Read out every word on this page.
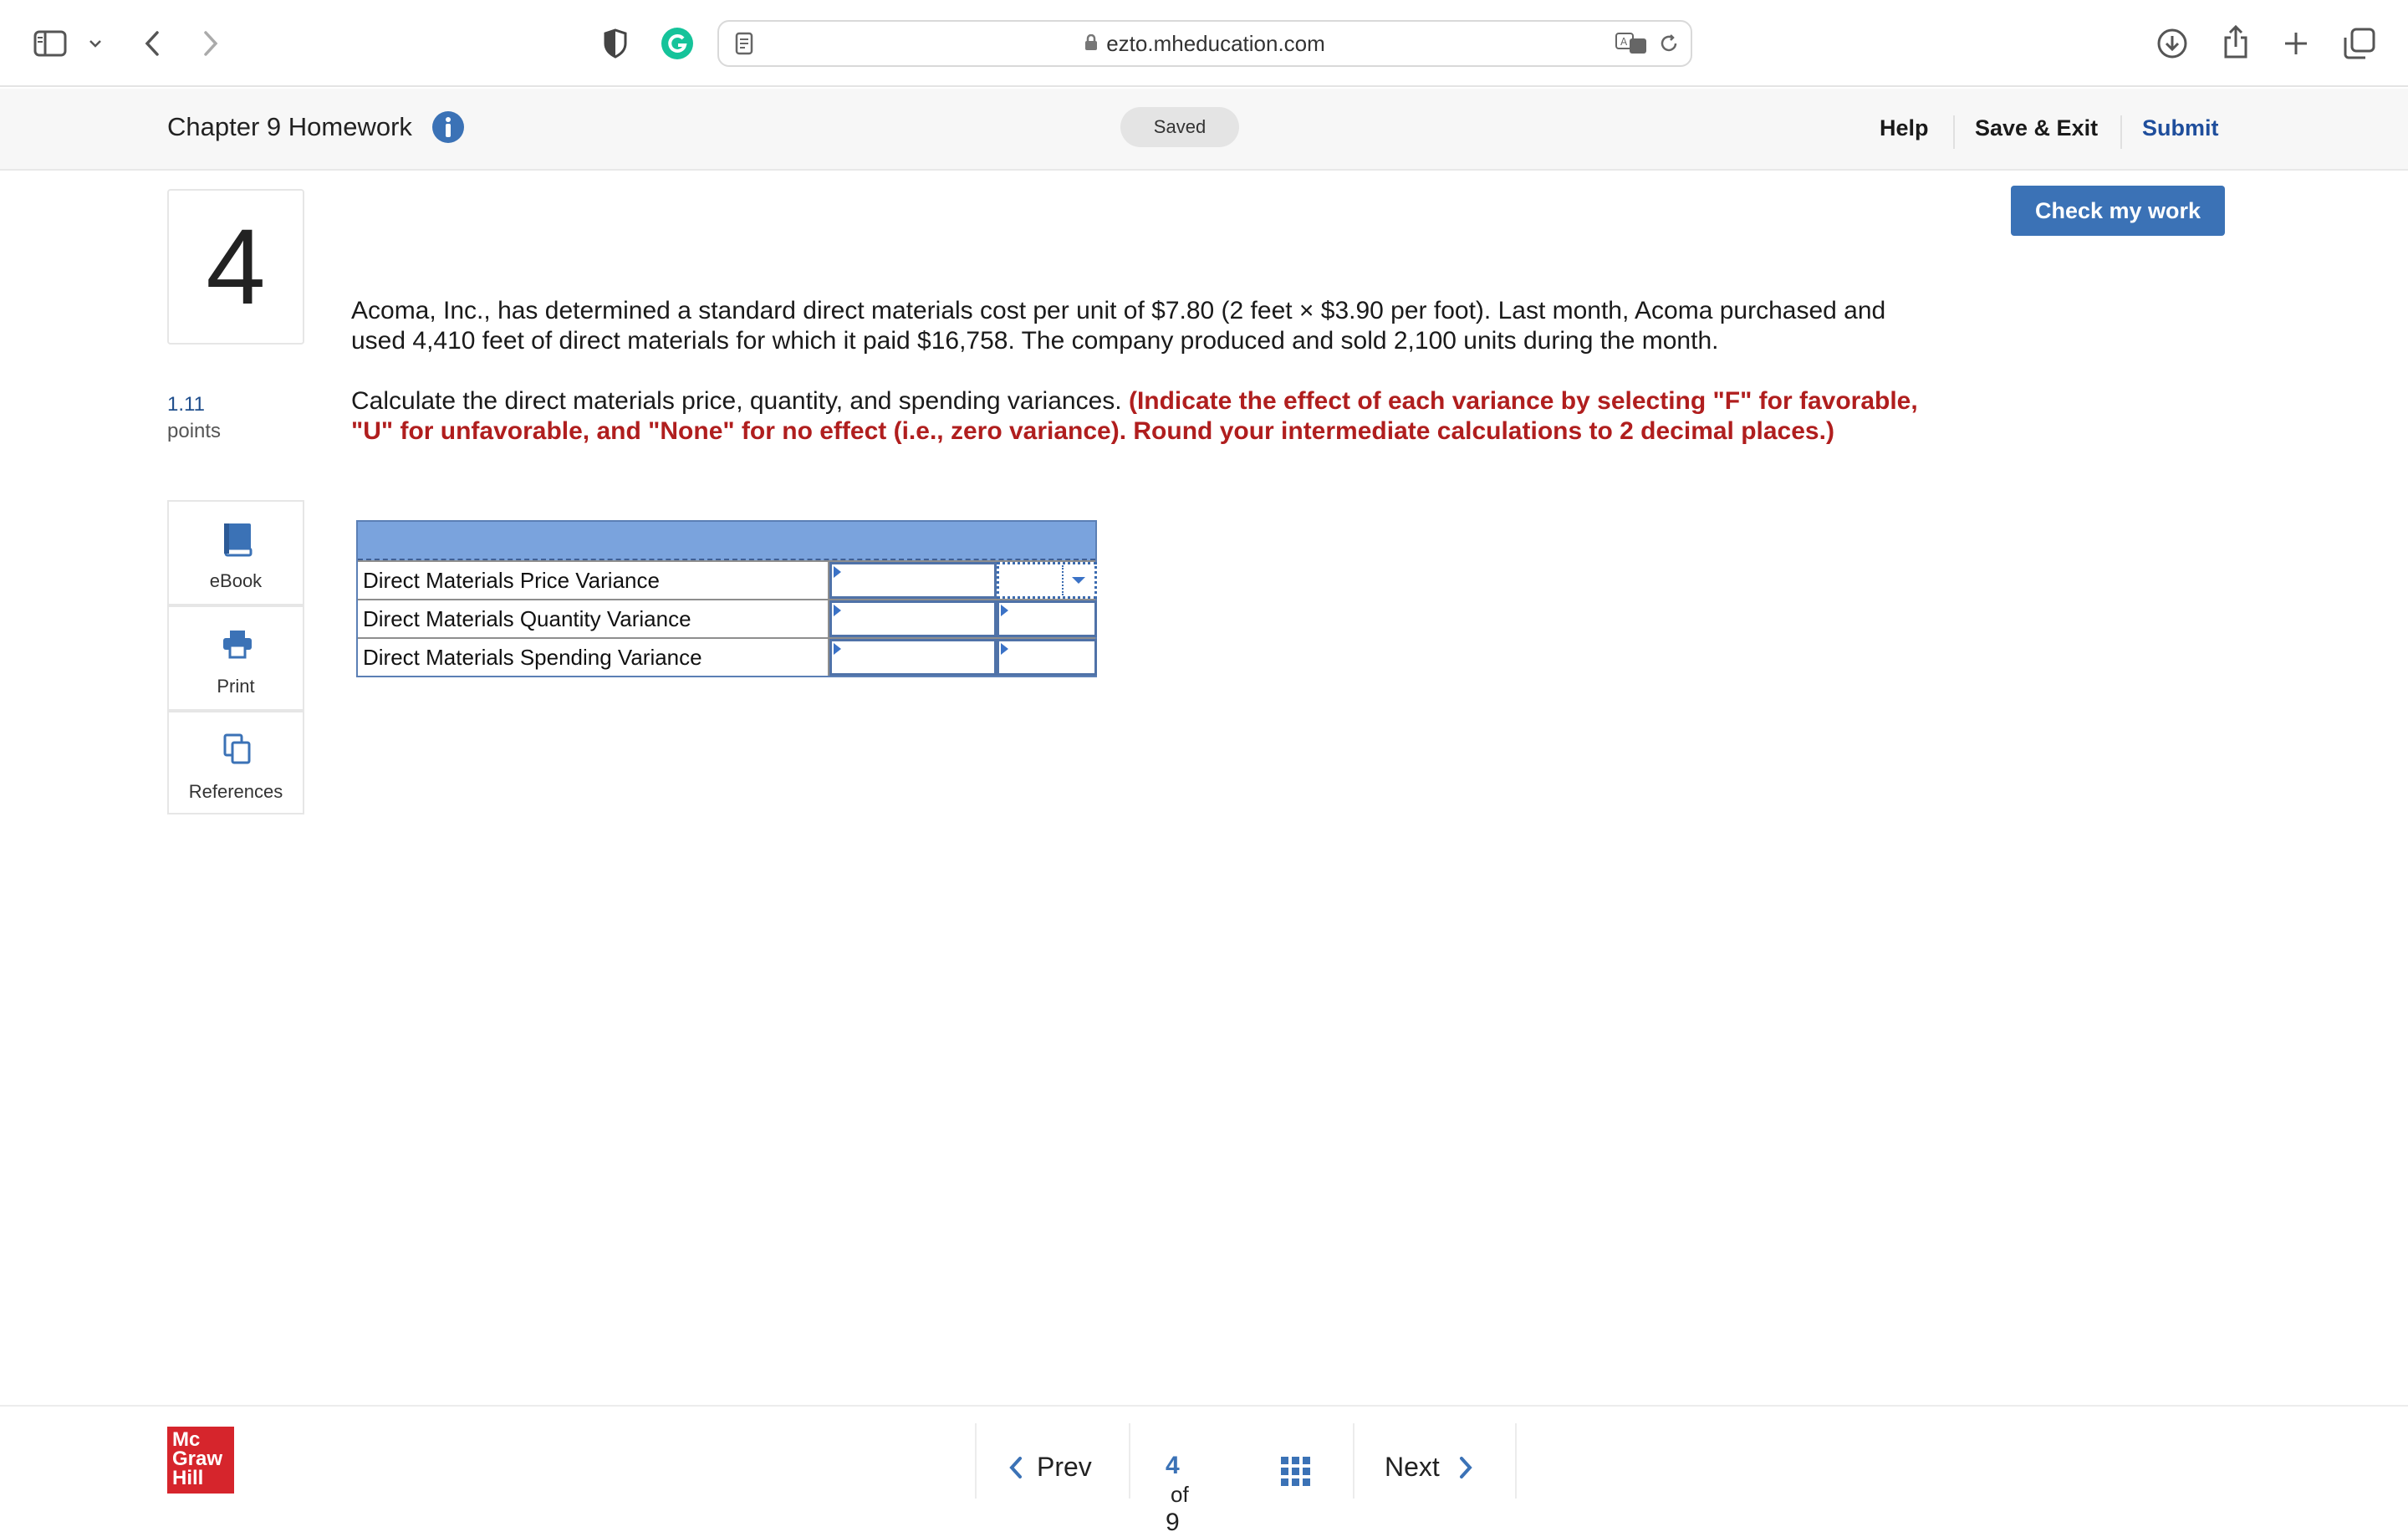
ezto.mheducation.com	A
Chapter 9 Homework	Saved	Help Save & Exit Submit
4
1.11
points
eBook
Print
References
Check my work

Acoma, Inc., has determined a standard direct materials cost per unit of $7.80 (2 feet × $3.90 per foot). Last month, Acoma purchased and used 4,410 feet of direct materials for which it paid $16,758. The company produced and sold 2,100 units during the month.

Calculate the direct materials price, quantity, and spending variances. (Indicate the effect of each variance by selecting "F" for favorable, "U" for unfavorable, and "None" for no effect (i.e., zero variance). Round your intermediate calculations to 2 decimal places.)

Direct Materials Price Variance
Direct Materials Quantity Variance
Direct Materials Spending Variance
Mc
Graw
Hill	Prev	4 of 9
Next
